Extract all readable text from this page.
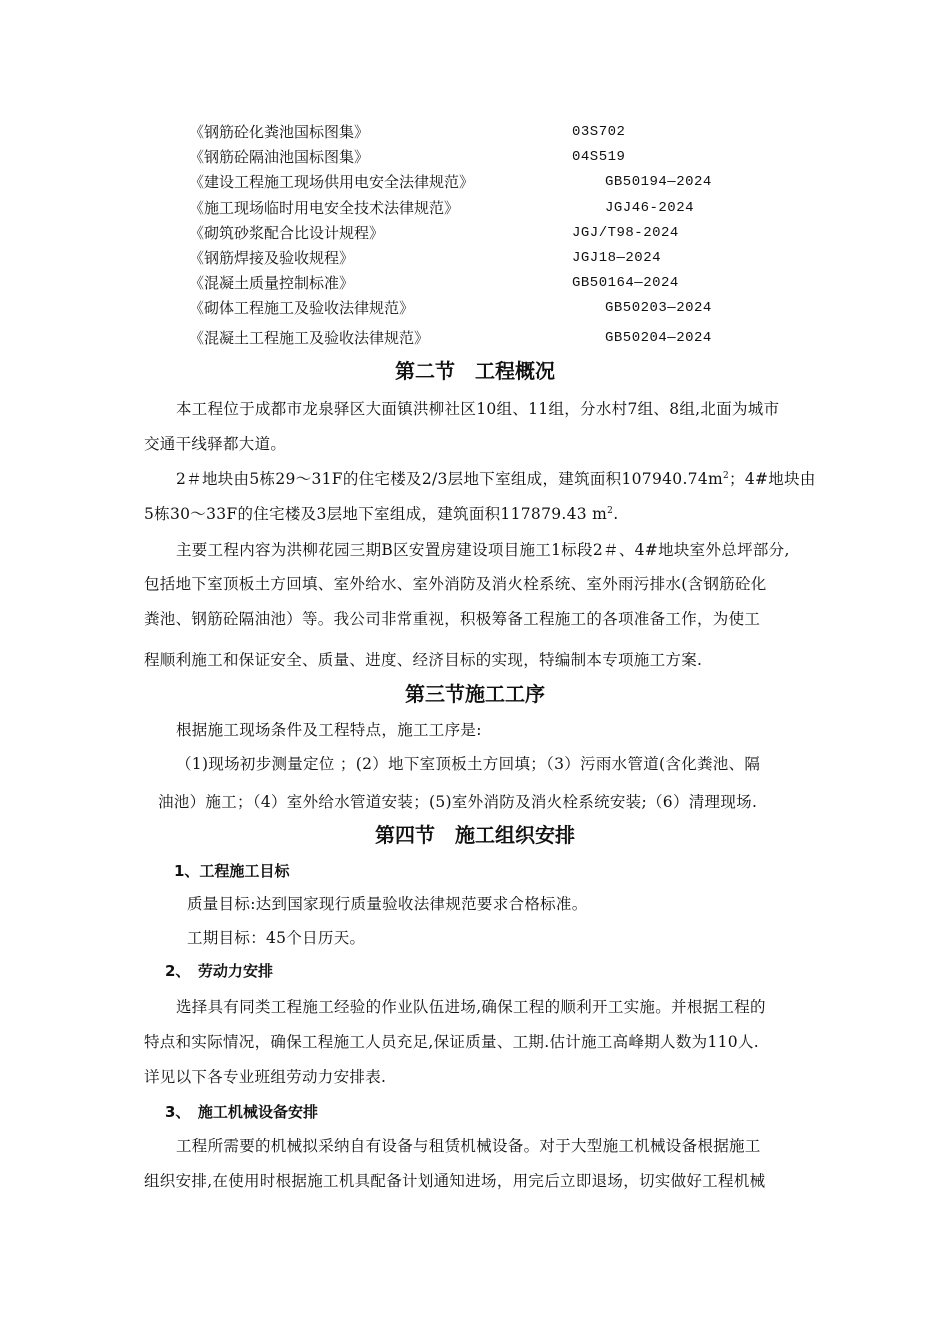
《钢筋砼化粪池国标图集》	03S702
《钢筋砼隔油池国标图集》	04S519
《建设工程施工现场供用电安全法律规范》	GB50194—2024
《施工现场临时用电安全技术法律规范》	JGJ46-2024
《砌筑砂浆配合比设计规程》	JGJ/T98-2024
《钢筋焊接及验收规程》	JGJ18—2024
《混凝土质量控制标准》	GB50164—2024
《砌体工程施工及验收法律规范》	GB50203—2024
《混凝土工程施工及验收法律规范》	GB50204—2024
第二节　工程概况
本工程位于成都市龙泉驿区大面镇洪柳社区10组、11组，分水村7组、8组,北面为城市
交通干线驿都大道。
2＃地块由5栋29～31F的住宅楼及2/3层地下室组成，建筑面积$107940.74m^2$；4#地块由
5栋30～33F的住宅楼及3层地下室组成，建筑面积117879.43 $m^2$.
主要工程内容为洪柳花园三期B区安置房建设项目施工1标段2＃、4#地块室外总坪部分,
包括地下室顶板土方回填、室外给水、室外消防及消火栓系统、室外雨污排水(含钢筋砼化
粪池、钢筋砼隔油池）等。我公司非常重视，积极筹备工程施工的各项准备工作，为使工
程顺利施工和保证安全、质量、进度、经济目标的实现，特编制本专项施工方案.
第三节施工工序
根据施工现场条件及工程特点，施工工序是:
（1)现场初步测量定位 ；(2）地下室顶板土方回填；（3）污雨水管道(含化粪池、隔
油池）施工；（4）室外给水管道安装；(5)室外消防及消火栓系统安装;（6）清理现场.
第四节　施工组织安排
1、工程施工目标
质量目标:达到国家现行质量验收法律规范要求合格标准。
工期目标：45个日历天。
2、　劳动力安排
选择具有同类工程施工经验的作业队伍进场,确保工程的顺利开工实施。并根据工程的
特点和实际情况，确保工程施工人员充足,保证质量、工期.估计施工高峰期人数为110人.
详见以下各专业班组劳动力安排表.
3、　施工机械设备安排
工程所需要的机械拟采纳自有设备与租赁机械设备。对于大型施工机械设备根据施工
组织安排,在使用时根据施工机具配备计划通知进场，用完后立即退场，切实做好工程机械
